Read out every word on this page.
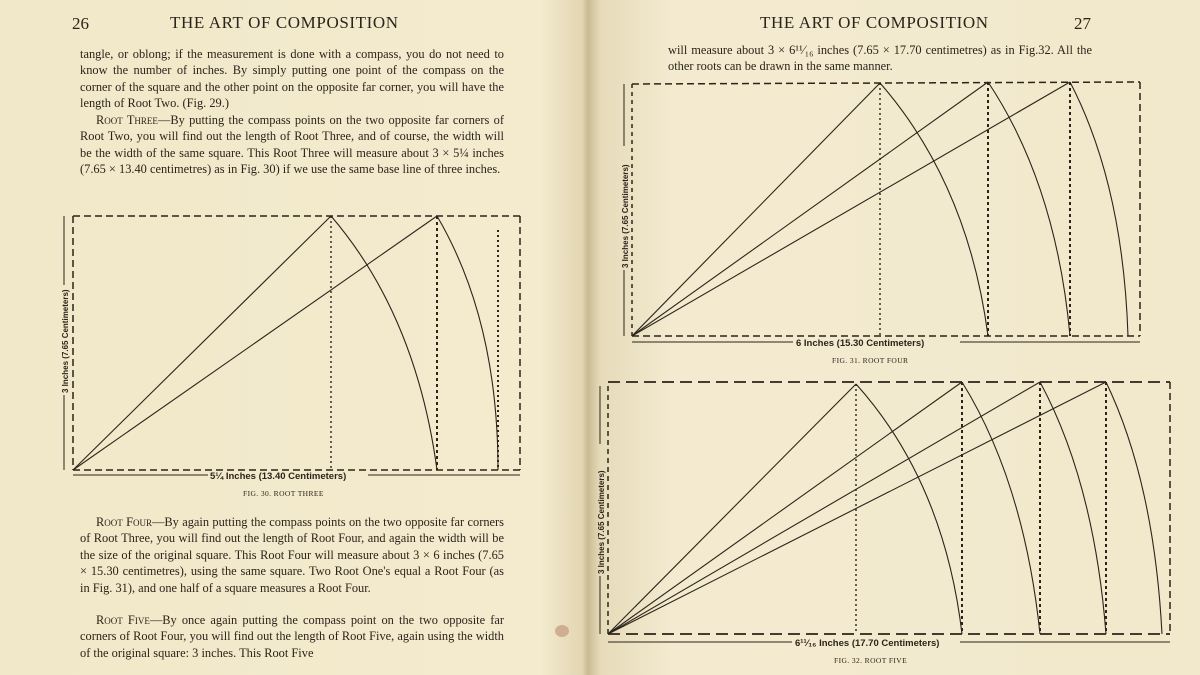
26	THE ART OF COMPOSITION

tangle, or oblong; if the measurement is done with a compass, you do not need to know the number of inches. By simply putting one point of the compass on the corner of the square and the other point on the opposite far corner, you will have the length of Root Two. (Fig. 29.)

Root Three—By putting the compass points on the two opposite far corners of Root Two, you will find out the length of Root Three, and of course, the width will be the width of the same square. This Root Three will measure about 3 × 5¼ inches (7.65 × 13.40 centimetres) as in Fig. 30) if we use the same base line of three inches.

5¼ Inches (13.40 Centimeters)
3 Inches (7.65 Centimeters)
FIG. 30. ROOT THREE

Root Four—By again putting the compass points on the two opposite far corners of Root Three, you will find out the length of Root Four, and again the width will be the size of the original square. This Root Four will measure about 3 × 6 inches (7.65 × 15.30 centimetres), using the same square. Two Root One's equal a Root Four (as in Fig. 31), and one half of a square measures a Root Four.

Root Five—By once again putting the compass point on the two opposite far corners of Root Four, you will find out the length of Root Five, again using the width of the original square: 3 inches. This Root Five

THE ART OF COMPOSITION	27

will measure about 3 × 6¹¹⁄₁₆ inches (7.65 × 17.70 centimetres) as in Fig.32. All the other roots can be drawn in the same manner.

6 Inches (15.30 Centimeters)
3 Inches (7.65 Centimeters)
FIG. 31. ROOT FOUR
6¹¹⁄₁₆ Inches (17.70 Centimeters)
3 Inches (7.65 Centimeters)
FIG. 32. ROOT FIVE
